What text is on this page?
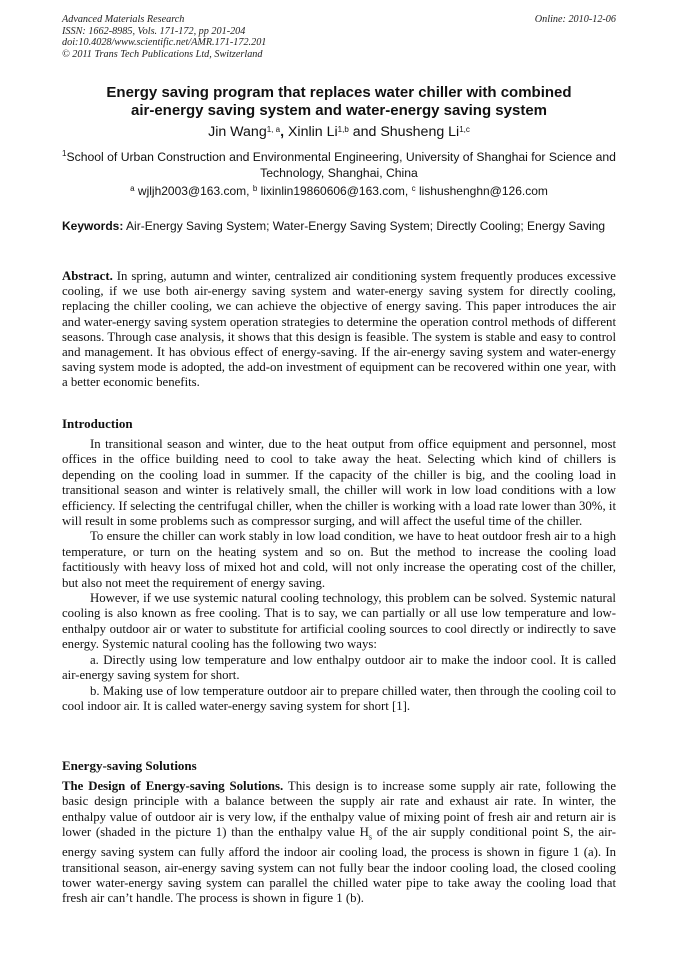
Advanced Materials Research
ISSN: 1662-8985, Vols. 171-172, pp 201-204
doi:10.4028/www.scientific.net/AMR.171-172.201
© 2011 Trans Tech Publications Ltd, Switzerland
Online: 2010-12-06
Energy saving program that replaces water chiller with combined
air-energy saving system and water-energy saving system
Jin Wang$^{1, a}$, Xinlin Li$^{1,b}$ and Shusheng Li$^{1,c}$
$^1$School of Urban Construction and Environmental Engineering, University of Shanghai for Science and Technology, Shanghai, China
$^a$ wjljh2003@163.com, $^b$ lixinlin19860606@163.com, $^c$ lishushenghn@126.com
Keywords: Air-Energy Saving System; Water-Energy Saving System; Directly Cooling; Energy Saving
Abstract. In spring, autumn and winter, centralized air conditioning system frequently produces excessive cooling, if we use both air-energy saving system and water-energy saving system for directly cooling, replacing the chiller cooling, we can achieve the objective of energy saving. This paper introduces the air and water-energy saving system operation strategies to determine the operation control methods of different seasons. Through case analysis, it shows that this design is feasible. The system is stable and easy to control and management. It has obvious effect of energy-saving. If the air-energy saving system and water-energy saving system mode is adopted, the add-on investment of equipment can be recovered within one year, with a better economic benefits.
Introduction

In transitional season and winter, due to the heat output from office equipment and personnel, most offices in the office building need to cool to take away the heat. Selecting which kind of chillers is depending on the cooling load in summer. If the capacity of the chiller is big, and the cooling load in transitional season and winter is relatively small, the chiller will work in low load conditions with a low efficiency. If selecting the centrifugal chiller, when the chiller is working with a load rate lower than 30%, it will result in some problems such as compressor surging, and will affect the useful time of the chiller.

To ensure the chiller can work stably in low load condition, we have to heat outdoor fresh air to a high temperature, or turn on the heating system and so on. But the method to increase the cooling load factitiously with heavy loss of mixed hot and cold, will not only increase the operating cost of the chiller, but also not meet the requirement of energy saving.

However, if we use systemic natural cooling technology, this problem can be solved. Systemic natural cooling is also known as free cooling. That is to say, we can partially or all use low temperature and low-enthalpy outdoor air or water to substitute for artificial cooling sources to cool directly or indirectly to save energy. Systemic natural cooling has the following two ways:

a. Directly using low temperature and low enthalpy outdoor air to make the indoor cool. It is called air-energy saving system for short.

b. Making use of low temperature outdoor air to prepare chilled water, then through the cooling coil to cool indoor air. It is called water-energy saving system for short [1].

Energy-saving Solutions
The Design of Energy-saving Solutions. This design is to increase some supply air rate, following the basic design principle with a balance between the supply air rate and exhaust air rate. In winter, the enthalpy value of outdoor air is very low, if the enthalpy value of mixing point of fresh air and return air is lower (shaded in the picture 1) than the enthalpy value $H_s$ of the air supply conditional point S, the air-energy saving system can fully afford the indoor air cooling load, the process is shown in figure 1 (a). In transitional season, air-energy saving system can not fully bear the indoor cooling load, the closed cooling tower water-energy saving system can parallel the chilled water pipe to take away the cooling load that fresh air can’t handle. The process is shown in figure 1 (b).
